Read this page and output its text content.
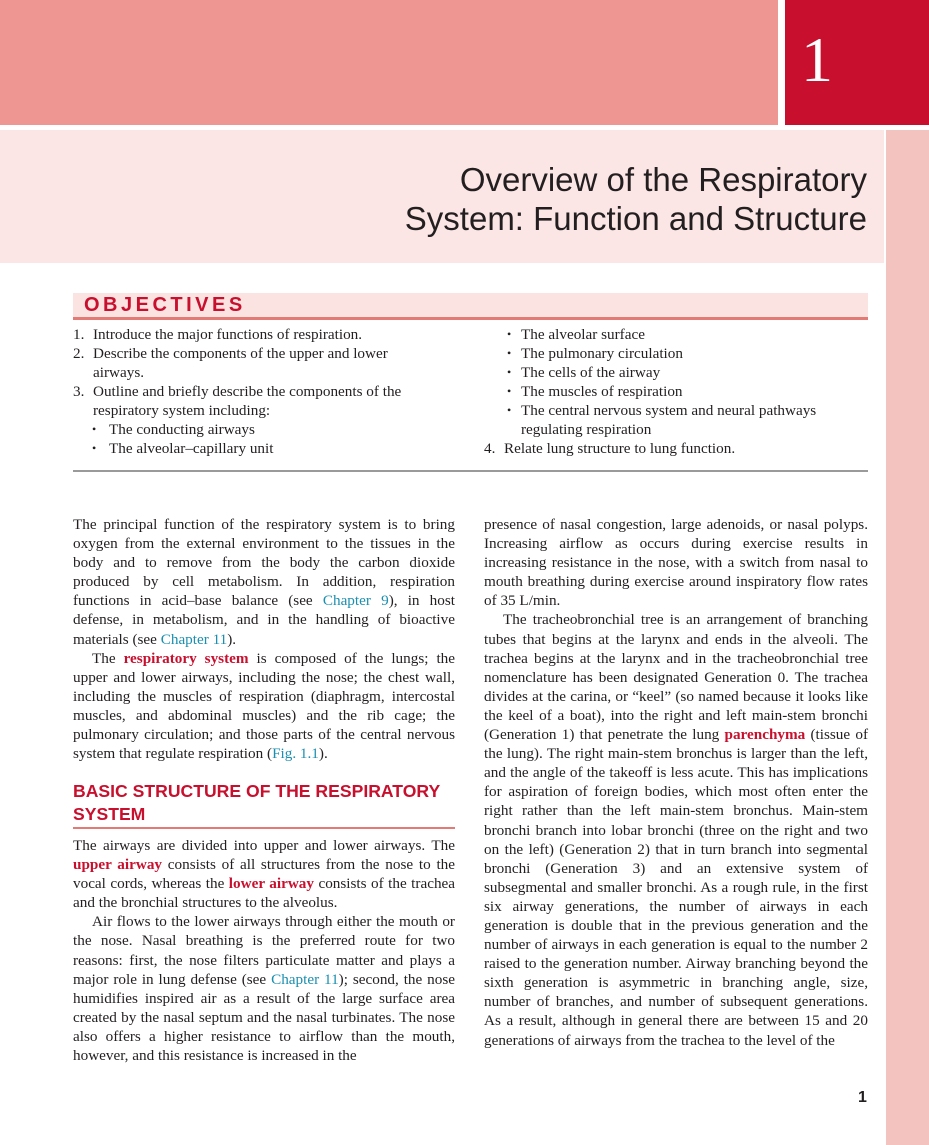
1
Overview of the Respiratory
System: Function and Structure
OBJECTIVES
1. Introduce the major functions of respiration.
2. Describe the components of the upper and lower airways.
3. Outline and briefly describe the components of the respiratory system including:
• The conducting airways
• The alveolar–capillary unit
• The alveolar surface
• The pulmonary circulation
• The cells of the airway
• The muscles of respiration
• The central nervous system and neural pathways regulating respiration
4. Relate lung structure to lung function.

The principal function of the respiratory system is to bring oxygen from the external environment to the tissues in the body and to remove from the body the carbon dioxide produced by cell metabolism. In addition, respiration functions in acid–base balance (see Chapter 9), in host defense, in metabolism, and in the handling of bioactive materials (see Chapter 11).

The respiratory system is composed of the lungs; the upper and lower airways, including the nose; the chest wall, including the muscles of respiration (diaphragm, intercostal muscles, and abdominal muscles) and the rib cage; the pulmonary circulation; and those parts of the central nervous system that regulate respiration (Fig. 1.1).

BASIC STRUCTURE OF THE RESPIRATORY SYSTEM

The airways are divided into upper and lower airways. The upper airway consists of all structures from the nose to the vocal cords, whereas the lower airway consists of the trachea and the bronchial structures to the alveolus.

Air flows to the lower airways through either the mouth or the nose. Nasal breathing is the preferred route for two reasons: first, the nose filters particulate matter and plays a major role in lung defense (see Chapter 11); second, the nose humidifies inspired air as a result of the large surface area created by the nasal septum and the nasal turbinates. The nose also offers a higher resistance to airflow than the mouth, however, and this resistance is increased in the

presence of nasal congestion, large adenoids, or nasal polyps. Increasing airflow as occurs during exercise results in increasing resistance in the nose, with a switch from nasal to mouth breathing during exercise around inspiratory flow rates of 35 L/min.

The tracheobronchial tree is an arrangement of branching tubes that begins at the larynx and ends in the alveoli. The trachea begins at the larynx and in the tracheobronchial tree nomenclature has been designated Generation 0. The trachea divides at the carina, or “keel” (so named because it looks like the keel of a boat), into the right and left main-stem bronchi (Generation 1) that penetrate the lung parenchyma (tissue of the lung). The right main-stem bronchus is larger than the left, and the angle of the takeoff is less acute. This has implications for aspiration of foreign bodies, which most often enter the right rather than the left main-stem bronchus. Main-stem bronchi branch into lobar bronchi (three on the right and two on the left) (Generation 2) that in turn branch into segmental bronchi (Generation 3) and an extensive system of subsegmental and smaller bronchi. As a rough rule, in the first six airway generations, the number of airways in each generation is double that in the previous generation and the number of airways in each generation is equal to the number 2 raised to the generation number. Airway branching beyond the sixth generation is asymmetric in branching angle, size, number of branches, and number of subsequent generations. As a result, although in general there are between 15 and 20 generations of airways from the trachea to the level of the

1
